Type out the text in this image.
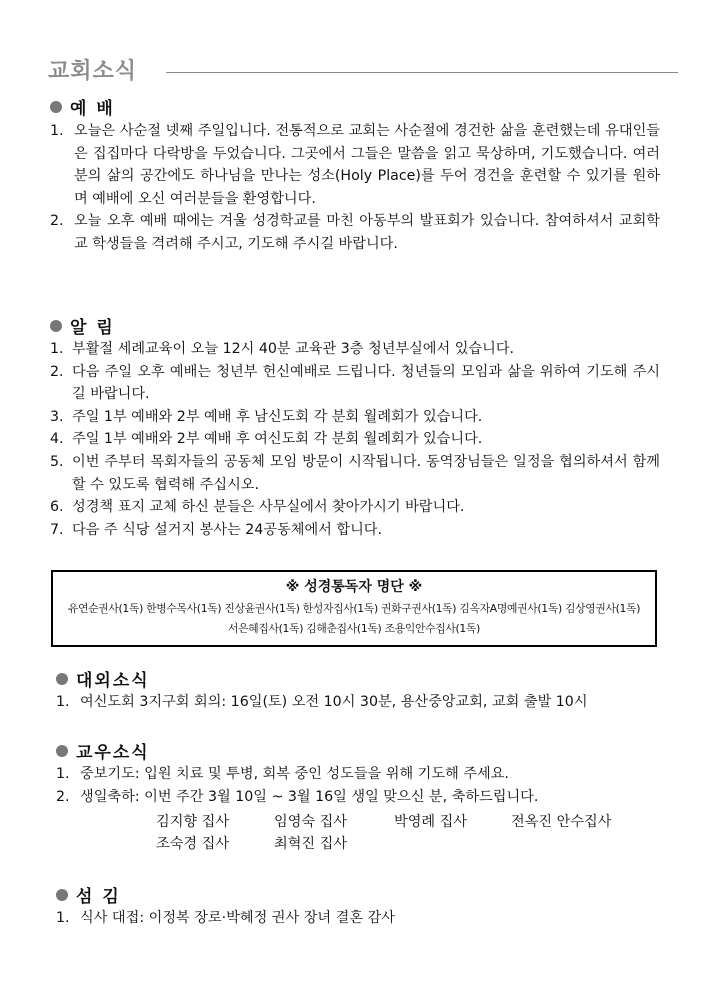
교회소식
예 배
1. 오늘은 사순절 넷째 주일입니다. 전통적으로 교회는 사순절에 경건한 삶을 훈련했는데 유대인들은 집집마다 다락방을 두었습니다. 그곳에서 그들은 말씀을 읽고 묵상하며, 기도했습니다. 여러분의 삶의 공간에도 하나님을 만나는 성소(Holy Place)를 두어 경건을 훈련할 수 있기를 원하며 예배에 오신 여러분들을 환영합니다.
2. 오늘 오후 예배 때에는 겨울 성경학교를 마친 아동부의 발표회가 있습니다. 참여하셔서 교회학교 학생들을 격려해 주시고, 기도해 주시길 바랍니다.
알 림
1. 부활절 세례교육이 오늘 12시 40분 교육관 3층 청년부실에서 있습니다.
2. 다음 주일 오후 예배는 청년부 헌신예배로 드립니다. 청년들의 모임과 삶을 위하여 기도해 주시길 바랍니다.
3. 주일 1부 예배와 2부 예배 후 남신도회 각 분회 월례회가 있습니다.
4. 주일 1부 예배와 2부 예배 후 여신도회 각 분회 월례회가 있습니다.
5. 이번 주부터 목회자들의 공동체 모임 방문이 시작됩니다. 동역장님들은 일정을 협의하셔서 함께 할 수 있도록 협력해 주십시오.
6. 성경책 표지 교체 하신 분들은 사무실에서 찾아가시기 바랍니다.
7. 다음 주 식당 설거지 봉사는 24공동체에서 합니다.
※ 성경통독자 명단 ※
유연순권사(1독) 한병수목사(1독) 진상윤권사(1독) 한성자집사(1독) 권화구권사(1독) 김옥자A명예권사(1독) 김상영권사(1독)
서은혜집사(1독) 김해춘집사(1독) 조용익안수집사(1독)
대외소식
1. 여신도회 3지구회 회의: 16일(토) 오전 10시 30분, 용산중앙교회, 교회 출발 10시
교우소식
1. 중보기도: 입원 치료 및 투병, 회복 중인 성도들을 위해 기도해 주세요.
2. 생일축하: 이번 주간 3월 10일 ~ 3월 16일 생일 맞으신 분, 축하드립니다.
김지향 집사	임영숙 집사	박영례 집사	전옥진 안수집사
조숙경 집사	최혁진 집사
섬 김
1. 식사 대접: 이정복 장로·박혜정 권사 장녀 결혼 감사
